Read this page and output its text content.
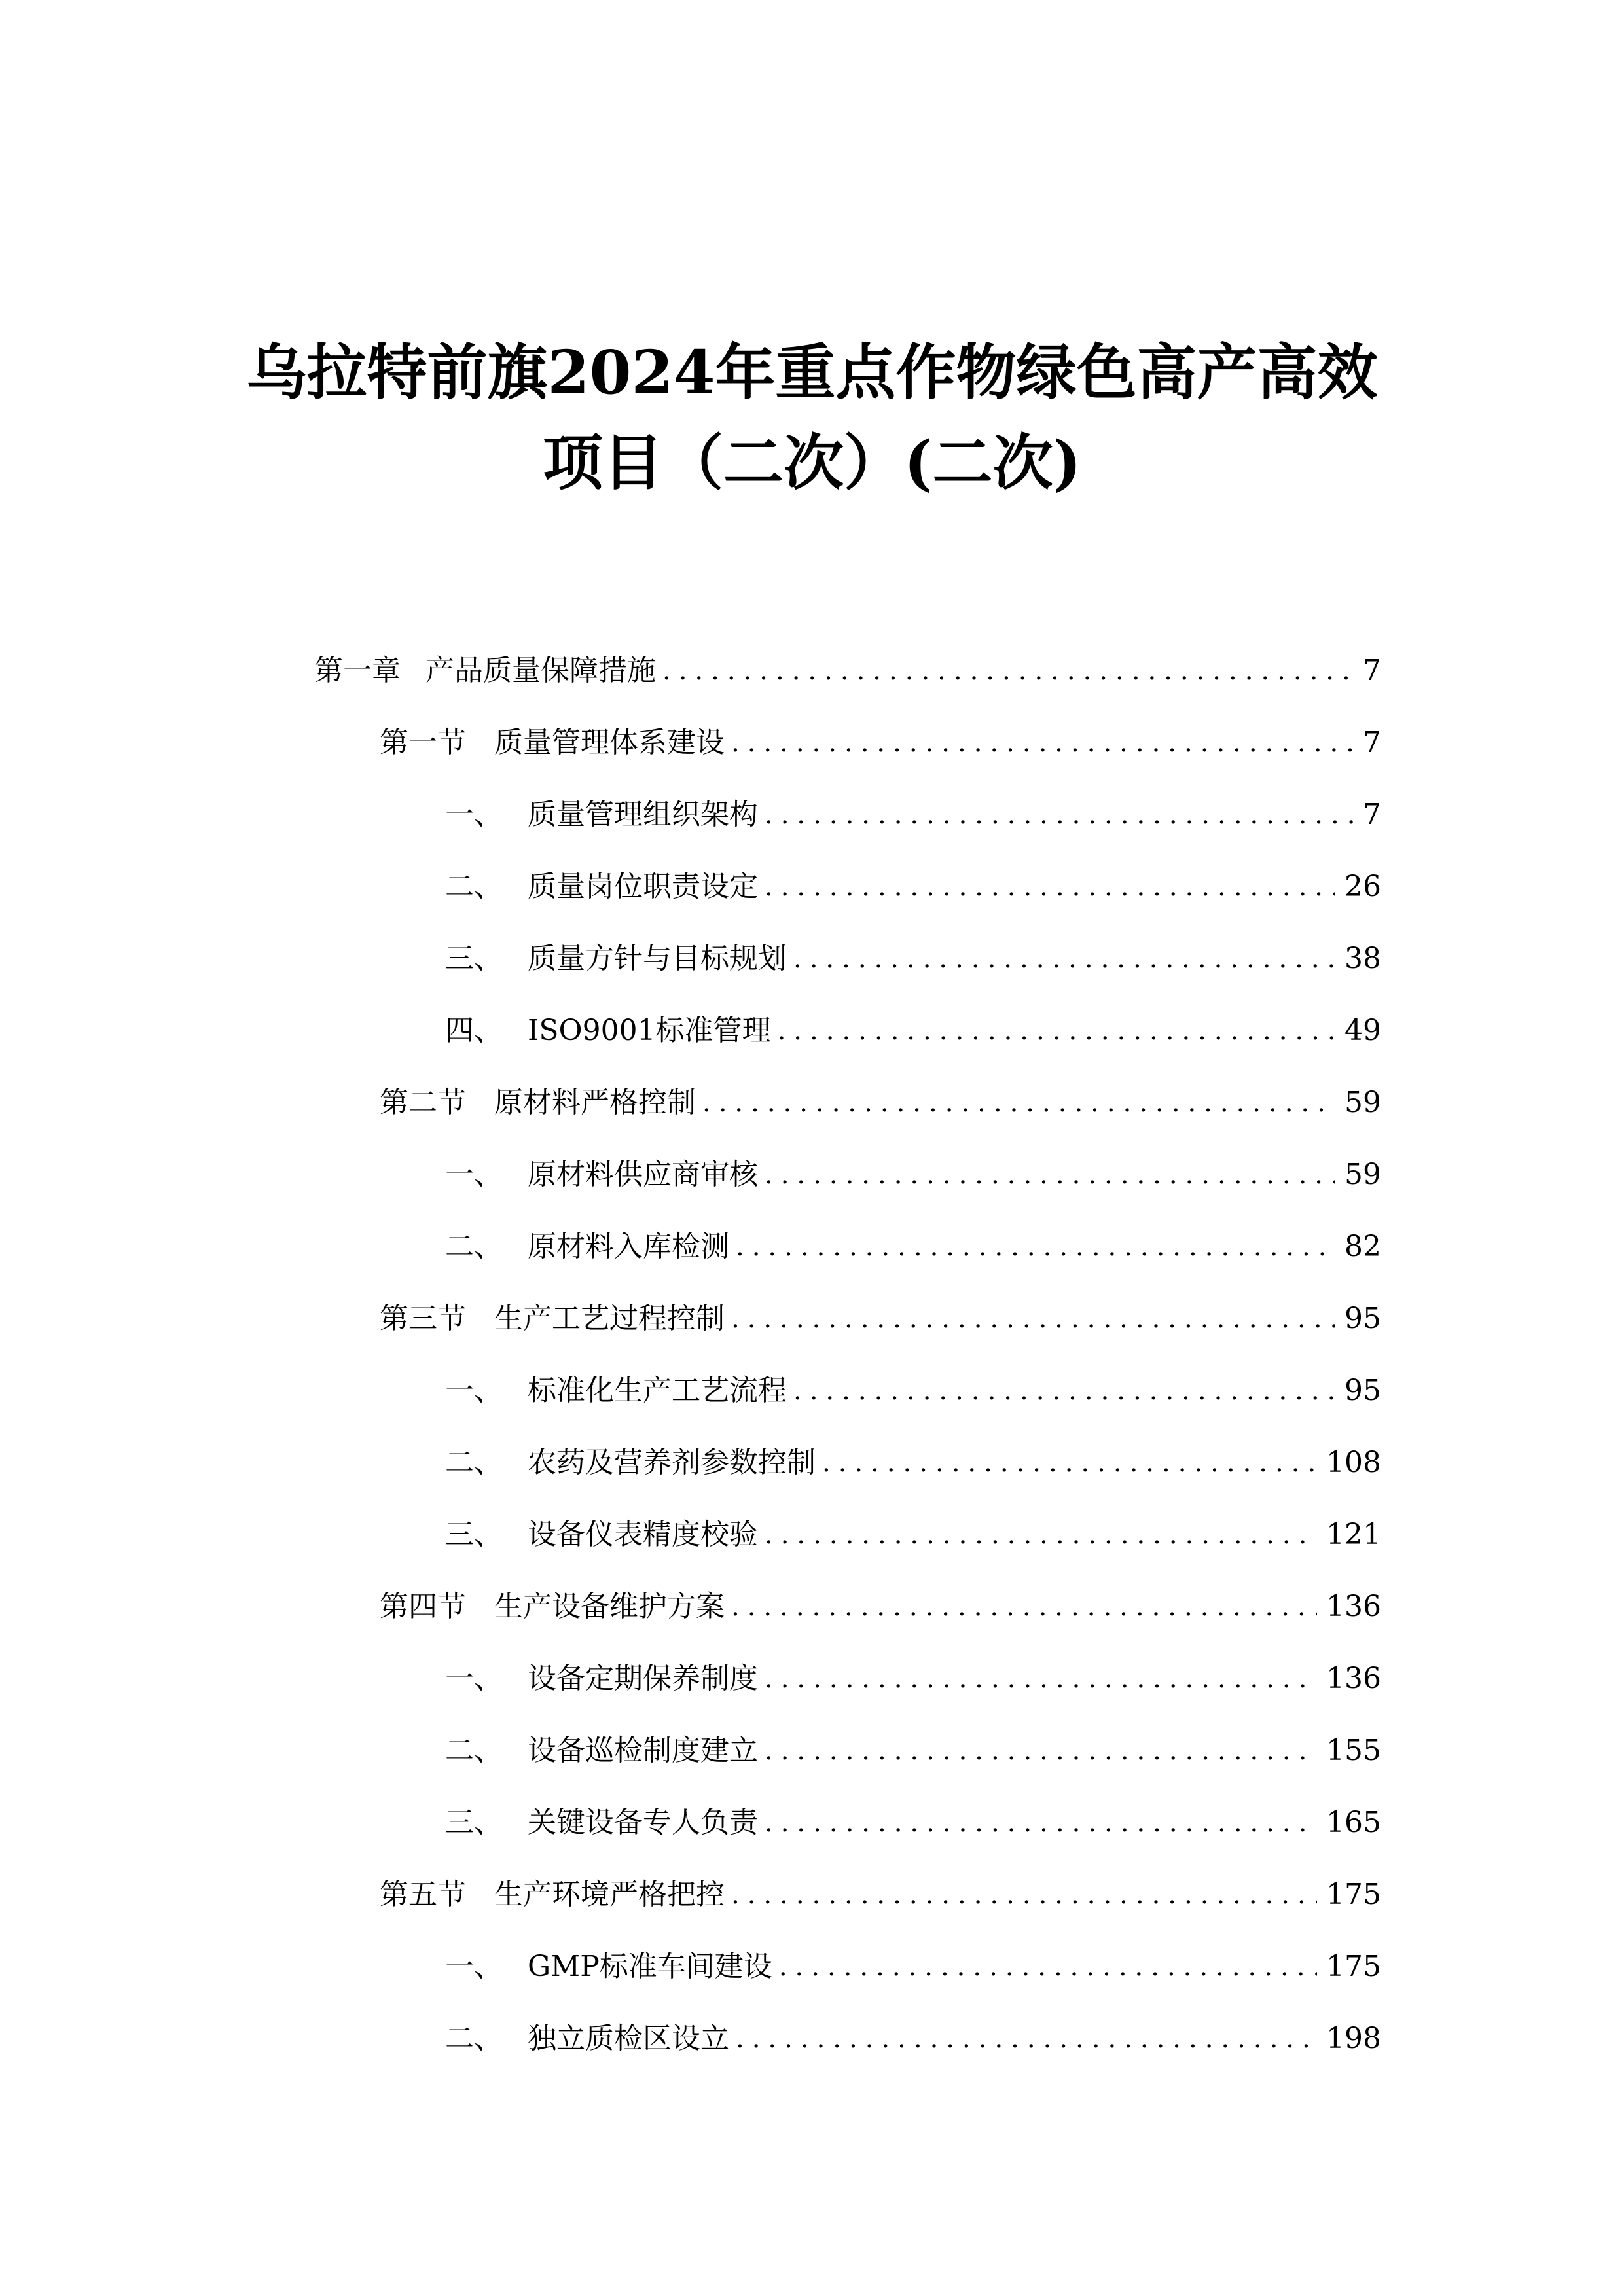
乌拉特前旗2024年重点作物绿色高产高效
项目（二次）(二次)
第一章 产品质量保障措施 .....	7
第一节 质量管理体系建设 .....	7
一、 质量管理组织架构 .....	7
二、 质量岗位职责设定 .....	26
三、 质量方针与目标规划 .....	38
四、 ISO9001标准管理 .....	49
第二节 原材料严格控制 .....	59
一、 原材料供应商审核 .....	59
二、 原材料入库检测 .....	82
第三节 生产工艺过程控制 .....	95
一、 标准化生产工艺流程 .....	95
二、 农药及营养剂参数控制 .....	108
三、 设备仪表精度校验 .....	121
第四节 生产设备维护方案 .....	136
一、 设备定期保养制度 .....	136
二、 设备巡检制度建立 .....	155
三、 关键设备专人负责 .....	165
第五节 生产环境严格把控 .....	175
一、 GMP标准车间建设 .....	175
二、 独立质检区设立 .....	198
